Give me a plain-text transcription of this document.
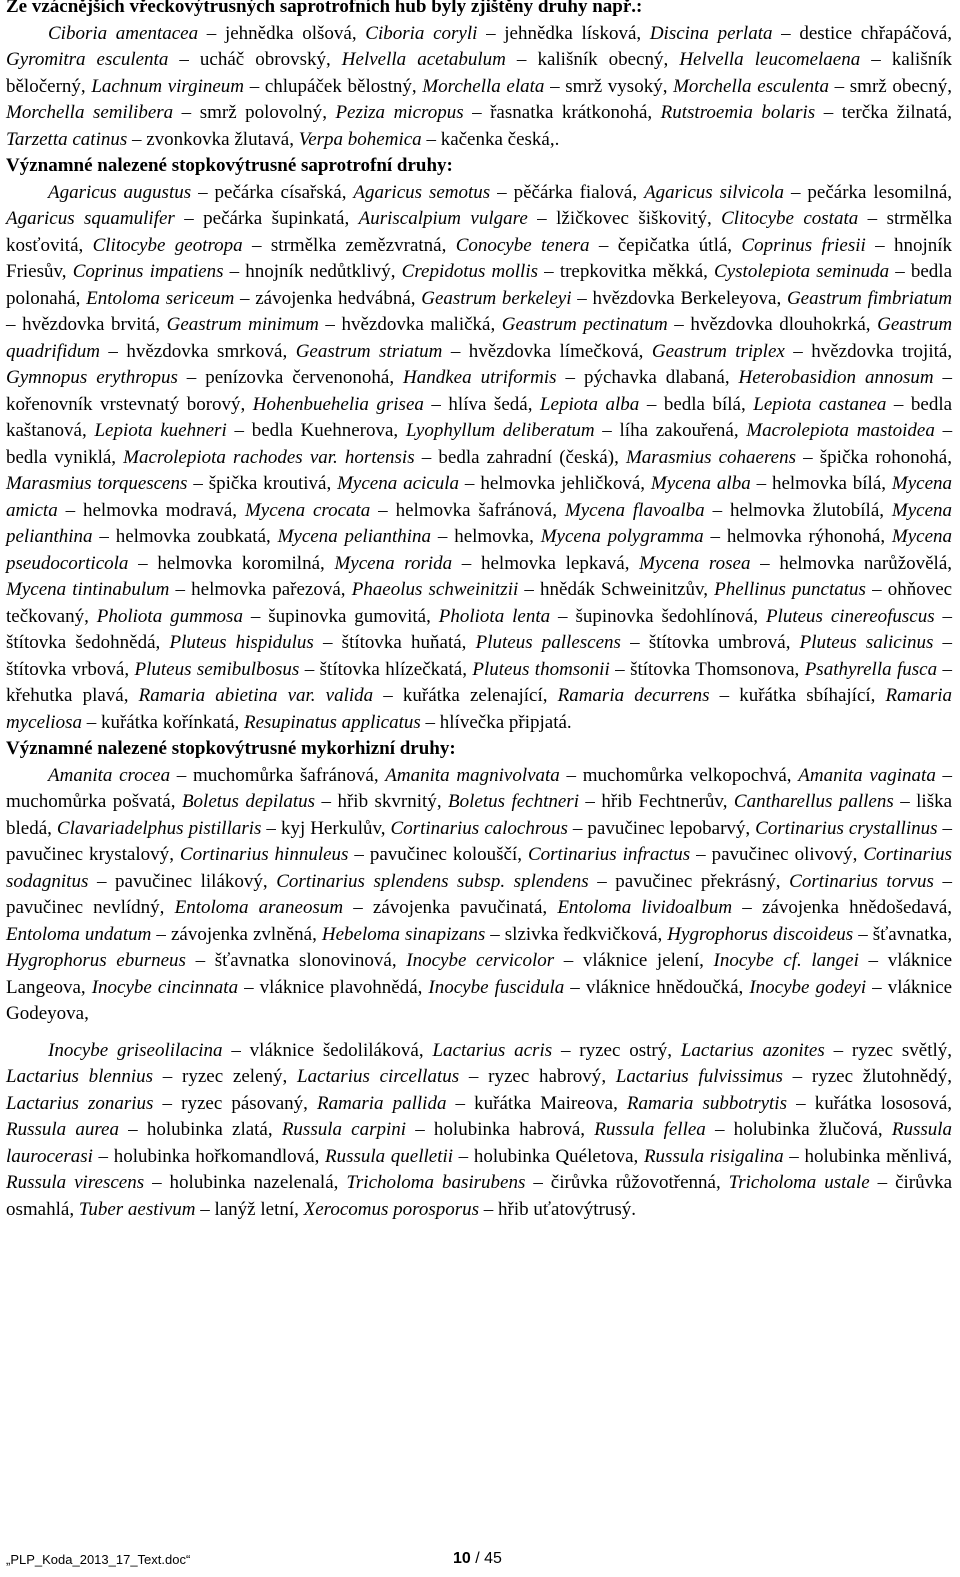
Ze vzácnějších vřeckovýtrusných saprotrofních hub byly zjištěny druhy např.:

Ciboria amentacea – jehnědka olšová, Ciboria coryli – jehnědka lísková, Discina perlata – destice chřapáčová, Gyromitra esculenta – ucháč obrovský, Helvella acetabulum – kališník obecný, Helvella leucomelaena – kališník běločerný, Lachnum virgineum – chlupáček bělostný, Morchella elata – smrž vysoký, Morchella esculenta – smrž obecný, Morchella semilibera – smrž polovolný, Peziza micropus – řasnatka krátkonohá, Rutstroemia bolaris – terčka žilnatá, Tarzetta catinus – zvonkovka žlutavá, Verpa bohemica – kačenka česká,.

Významné nalezené stopkovýtrusné saprotrofní druhy:

Agaricus augustus – pečárka císařská, Agaricus semotus – pěčárka fialová, Agaricus silvicola – pečárka lesomilná, Agaricus squamulifer – pečárka šupinkatá, Auriscalpium vulgare – lžičkovec šiškovitý, Clitocybe costata – strmělka kosťovitá, Clitocybe geotropa – strmělka zemězvratná, Conocybe tenera – čepičatka útlá, Coprinus friesii – hnojník Friesův, Coprinus impatiens – hnojník nedůtklivý, Crepidotus mollis – trepkovitka měkká, Cystolepiota seminuda – bedla polonahá, Entoloma sericeum – závojenka hedvábná, Geastrum berkeleyi – hvězdovka Berkeleyova, Geastrum fimbriatum – hvězdovka brvitá, Geastrum minimum – hvězdovka maličká, Geastrum pectinatum – hvězdovka dlouhokrká, Geastrum quadrifidum – hvězdovka smrková, Geastrum striatum – hvězdovka límečková, Geastrum triplex – hvězdovka trojitá, Gymnopus erythropus – penízovka červenonohá, Handkea utriformis – pýchavka dlabaná, Heterobasidion annosum – kořenovník vrstevnatý borový, Hohenbuehelia grisea – hlíva šedá, Lepiota alba – bedla bílá, Lepiota castanea – bedla kaštanová, Lepiota kuehneri – bedla Kuehnerova, Lyophyllum deliberatum – líha zakouřená, Macrolepiota mastoidea – bedla vyniklá, Macrolepiota rachodes var. hortensis – bedla zahradní (česká), Marasmius cohaerens – špička rohonohá, Marasmius torquescens – špička kroutivá, Mycena acicula – helmovka jehličková, Mycena alba – helmovka bílá, Mycena amicta – helmovka modravá, Mycena crocata – helmovka šafránová, Mycena flavoalba – helmovka žlutobílá, Mycena pelianthina – helmovka zoubkatá, Mycena pelianthina – helmovka, Mycena polygramma – helmovka rýhonohá, Mycena pseudocorticola – helmovka koromilná, Mycena rorida – helmovka lepkavá, Mycena rosea – helmovka narůžovělá, Mycena tintinabulum – helmovka pařezová, Phaeolus schweinitzii – hnědák Schweinitzův, Phellinus punctatus – ohňovec tečkovaný, Pholiota gummosa – šupinovka gumovitá, Pholiota lenta – šupinovka šedohlínová, Pluteus cinereofuscus – štítovka šedohnědá, Pluteus hispidulus – štítovka huňatá, Pluteus pallescens – štítovka umbrová, Pluteus salicinus – štítovka vrbová, Pluteus semibulbosus – štítovka hlízečkatá, Pluteus thomsonii – štítovka Thomsonova, Psathyrella fusca – křehutka plavá, Ramaria abietina var. valida – kuřátka zelenající, Ramaria decurrens – kuřátka sbíhající, Ramaria myceliosa – kuřátka kořínkatá, Resupinatus applicatus – hlívečka připjatá.

Významné nalezené stopkovýtrusné mykorhizní druhy:

Amanita crocea – muchomůrka šafránová, Amanita magnivolvata – muchomůrka velkopochvá, Amanita vaginata – muchomůrka pošvatá, Boletus depilatus – hřib skvrnitý, Boletus fechtneri – hřib Fechtnerův, Cantharellus pallens – liška bledá, Clavariadelphus pistillaris – kyj Herkulův, Cortinarius calochrous – pavučinec lepobarvý, Cortinarius crystallinus – pavučinec krystalový, Cortinarius hinnuleus – pavučinec kolouščí, Cortinarius infractus – pavučinec olivový, Cortinarius sodagnitus – pavučinec lilákový, Cortinarius splendens subsp. splendens – pavučinec překrásný, Cortinarius torvus – pavučinec nevlídný, Entoloma araneosum – závojenka pavučinatá, Entoloma lividoalbum – závojenka hnědošedavá, Entoloma undatum – závojenka zvlněná, Hebeloma sinapizans – slzivka ředkvičková, Hygrophorus discoideus – šťavnatka, Hygrophorus eburneus – šťavnatka slonovinová, Inocybe cervicolor – vláknice jelení, Inocybe cf. langei – vláknice Langeova, Inocybe cincinnata – vláknice plavohnědá, Inocybe fuscidula – vláknice hnědoučká, Inocybe godeyi – vláknice Godeyova,

Inocybe griseolilacina – vláknice šedoliláková, Lactarius acris – ryzec ostrý, Lactarius azonites – ryzec světlý, Lactarius blennius – ryzec zelený, Lactarius circellatus – ryzec habrový, Lactarius fulvissimus – ryzec žlutohnědý, Lactarius zonarius – ryzec pásovaný, Ramaria pallida – kuřátka Maireova, Ramaria subbotrytis – kuřátka lososová, Russula aurea – holubinka zlatá, Russula carpini – holubinka habrová, Russula fellea – holubinka žlučová, Russula laurocerasi – holubinka hořkomandlová, Russula quelletii – holubinka Quéletova, Russula risigalina – holubinka měnlivá, Russula virescens – holubinka nazelenalá, Tricholoma basirubens – čirůvka růžovotřenná, Tricholoma ustale – čirůvka osmahlá, Tuber aestivum – lanýž letní, Xerocomus porosporus – hřib uťatovýtrusý.

„PLP_Koda_2013_17_Text.doc“	10 / 45
